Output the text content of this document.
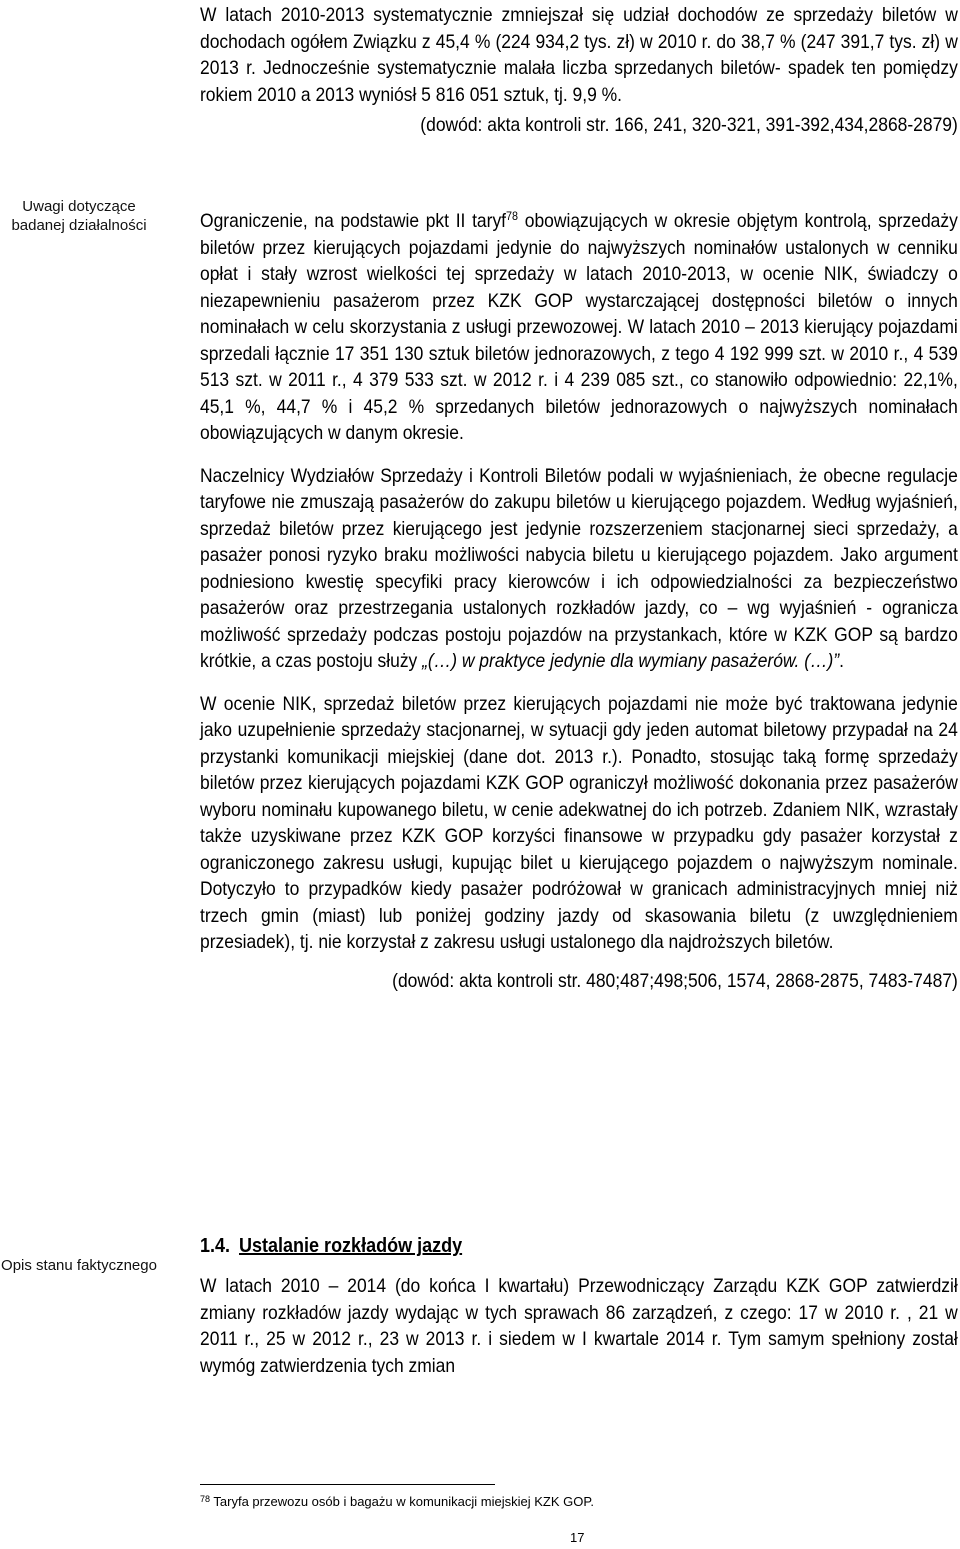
W latach 2010-2013 systematycznie zmniejszał się udział dochodów ze sprzedaży biletów w dochodach ogółem Związku z 45,4 % (224 934,2 tys. zł) w 2010 r. do 38,7 % (247 391,7 tys. zł) w 2013 r. Jednocześnie systematycznie malała liczba sprzedanych biletów- spadek ten pomiędzy rokiem 2010 a 2013 wyniósł 5 816 051 sztuk, tj. 9,9 %.

(dowód: akta kontroli str. 166, 241, 320-321, 391-392,434,2868-2879)

Uwagi dotyczące badanej działalności	Ograniczenie, na podstawie pkt II taryf$^{78}$ obowiązujących w okresie objętym kontrolą, sprzedaży biletów przez kierujących pojazdami jedynie do najwyższych nominałów ustalonych w cenniku opłat i stały wzrost wielkości tej sprzedaży w latach 2010-2013, w ocenie NIK, świadczy o niezapewnieniu pasażerom przez KZK GOP wystarczającej dostępności biletów o innych nominałach w celu skorzystania z usługi przewozowej. W latach 2010 – 2013 kierujący pojazdami sprzedali łącznie 17 351 130 sztuk biletów jednorazowych, z tego 4 192 999 szt. w 2010 r., 4 539 513 szt. w 2011 r., 4 379 533 szt. w 2012 r. i 4 239 085 szt., co stanowiło odpowiednio: 22,1%, 45,1 %, 44,7 % i 45,2 % sprzedanych biletów jednorazowych o najwyższych nominałach obowiązujących w danym okresie.

Naczelnicy Wydziałów Sprzedaży i Kontroli Biletów podali w wyjaśnieniach, że obecne regulacje taryfowe nie zmuszają pasażerów do zakupu biletów u kierującego pojazdem. Według wyjaśnień, sprzedaż biletów przez kierującego jest jedynie rozszerzeniem stacjonarnej sieci sprzedaży, a pasażer ponosi ryzyko braku możliwości nabycia biletu u kierującego pojazdem. Jako argument podniesiono kwestię specyfiki pracy kierowców i ich odpowiedzialności za bezpieczeństwo pasażerów oraz przestrzegania ustalonych rozkładów jazdy, co – wg wyjaśnień - ogranicza możliwość sprzedaży podczas postoju pojazdów na przystankach, które w KZK GOP są bardzo krótkie, a czas postoju służy „(…) w praktyce jedynie dla wymiany pasażerów. (…)”.

W ocenie NIK, sprzedaż biletów przez kierujących pojazdami nie może być traktowana jedynie jako uzupełnienie sprzedaży stacjonarnej, w sytuacji gdy jeden automat biletowy przypadał na 24 przystanki komunikacji miejskiej (dane dot. 2013 r.). Ponadto, stosując taką formę sprzedaży biletów przez kierujących pojazdami KZK GOP ograniczył możliwość dokonania przez pasażerów wyboru nominału kupowanego biletu, w cenie adekwatnej do ich potrzeb. Zdaniem NIK, wzrastały także uzyskiwane przez KZK GOP korzyści finansowe w przypadku gdy pasażer korzystał z ograniczonego zakresu usługi, kupując bilet u kierującego pojazdem o najwyższym nominale. Dotyczyło to przypadków kiedy pasażer podróżował w granicach administracyjnych mniej niż trzech gmin (miast) lub poniżej godziny jazdy od skasowania biletu (z uwzględnieniem przesiadek), tj. nie korzystał z zakresu usługi ustalonego dla najdroższych biletów.

(dowód: akta kontroli str. 480;487;498;506, 1574, 2868-2875, 7483-7487)

Opis stanu faktycznego
1.4. Ustalanie rozkładów jazdy

W latach 2010 – 2014 (do końca I kwartału) Przewodniczący Zarządu KZK GOP zatwierdził zmiany rozkładów jazdy wydając w tych sprawach 86 zarządzeń, z czego: 17 w 2010 r. , 21 w 2011 r., 25 w 2012 r., 23 w 2013 r. i siedem w I kwartale 2014 r. Tym samym spełniony został wymóg zatwierdzenia tych zmian

$^{78}$ Taryfa przewozu osób i bagażu w komunikacji miejskiej KZK GOP.
17
